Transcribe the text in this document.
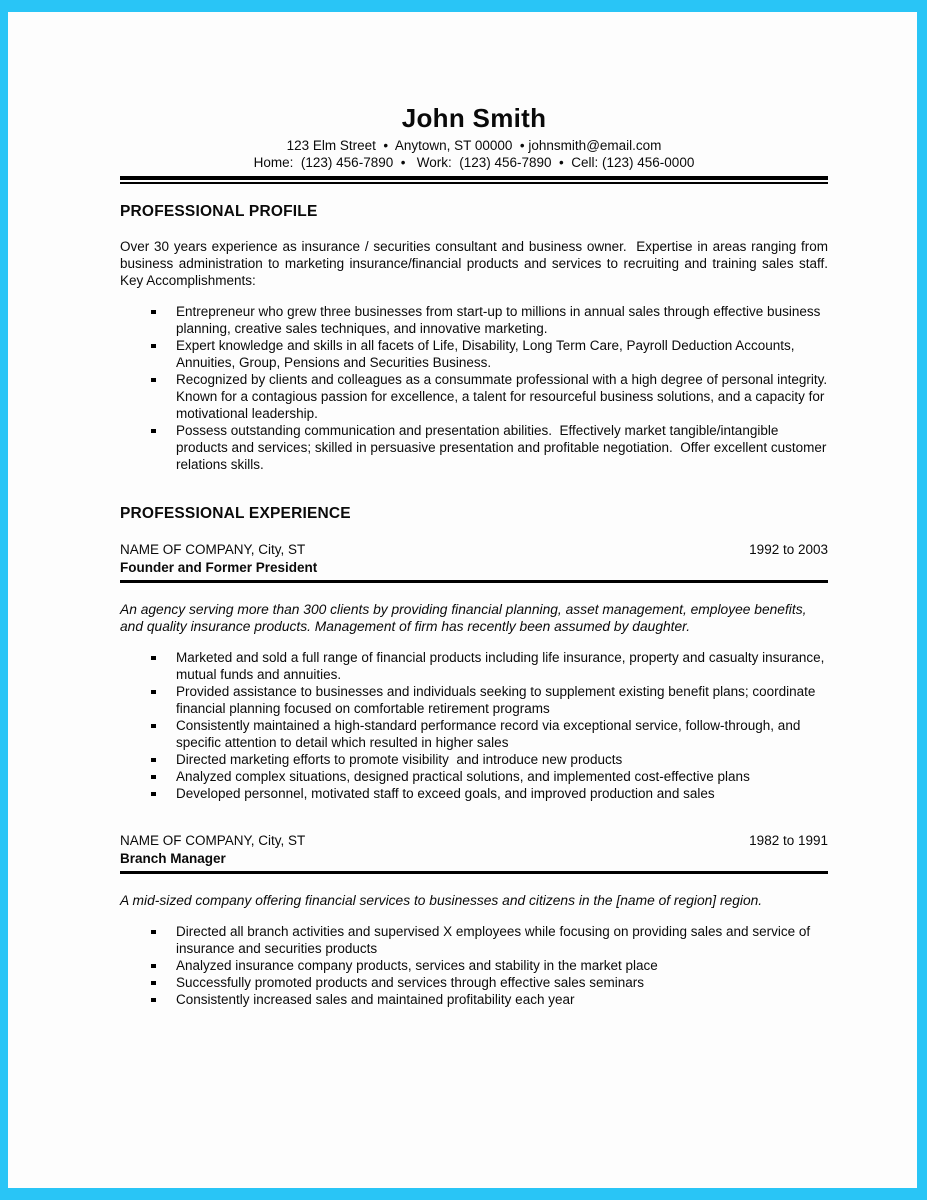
John Smith
123 Elm Street  •  Anytown, ST 00000  • johnsmith@email.com
Home:  (123) 456-7890  •   Work:  (123) 456-7890  •  Cell: (123) 456-0000
PROFESSIONAL PROFILE
Over 30 years experience as insurance / securities consultant and business owner.  Expertise in areas ranging from business administration to marketing insurance/financial products and services to recruiting and training sales staff.  Key Accomplishments:
Entrepreneur who grew three businesses from start-up to millions in annual sales through effective business planning, creative sales techniques, and innovative marketing.
Expert knowledge and skills in all facets of Life, Disability, Long Term Care, Payroll Deduction Accounts, Annuities, Group, Pensions and Securities Business.
Recognized by clients and colleagues as a consummate professional with a high degree of personal integrity.  Known for a contagious passion for excellence, a talent for resourceful business solutions, and a capacity for motivational leadership.
Possess outstanding communication and presentation abilities.  Effectively market tangible/intangible products and services; skilled in persuasive presentation and profitable negotiation.  Offer excellent customer relations skills.
PROFESSIONAL EXPERIENCE
NAME OF COMPANY, City, ST	1992 to 2003
Founder and Former President
An agency serving more than 300 clients by providing financial planning, asset management, employee benefits, and quality insurance products. Management of firm has recently been assumed by daughter.
Marketed and sold a full range of financial products including life insurance, property and casualty insurance, mutual funds and annuities.
Provided assistance to businesses and individuals seeking to supplement existing benefit plans; coordinate financial planning focused on comfortable retirement programs
Consistently maintained a high-standard performance record via exceptional service, follow-through, and specific attention to detail which resulted in higher sales
Directed marketing efforts to promote visibility  and introduce new products
Analyzed complex situations, designed practical solutions, and implemented cost-effective plans
Developed personnel, motivated staff to exceed goals, and improved production and sales
NAME OF COMPANY, City, ST	1982 to 1991
Branch Manager
A mid-sized company offering financial services to businesses and citizens in the [name of region] region.
Directed all branch activities and supervised X employees while focusing on providing sales and service of insurance and securities products
Analyzed insurance company products, services and stability in the market place
Successfully promoted products and services through effective sales seminars
Consistently increased sales and maintained profitability each year
